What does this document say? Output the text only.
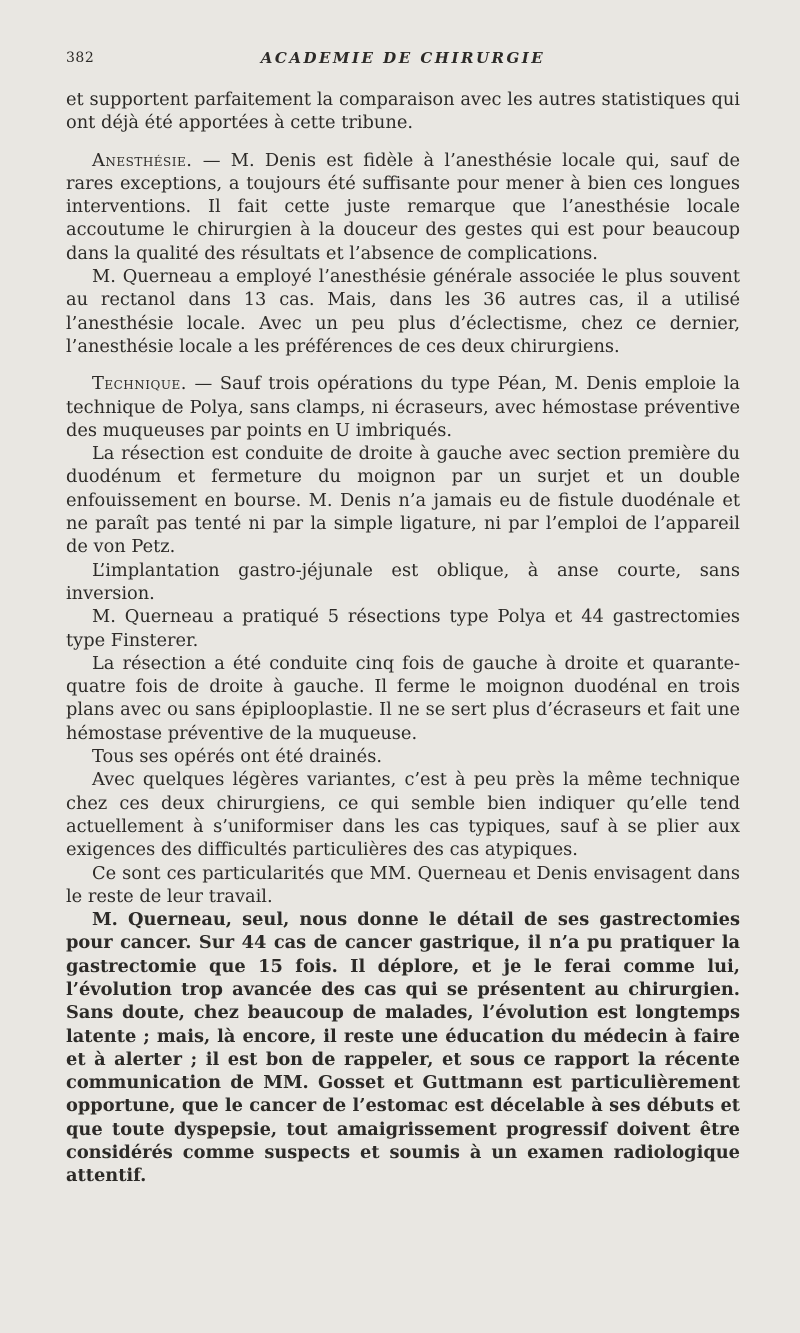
382	ACADEMIE DE CHIRURGIE

et supportent parfaitement la comparaison avec les autres statistiques qui ont déjà été apportées à cette tribune.

Anesthésie. — M. Denis est fidèle à l’anesthésie locale qui, sauf de rares exceptions, a toujours été suffisante pour mener à bien ces longues interventions. Il fait cette juste remarque que l’anesthésie locale accoutume le chirurgien à la douceur des gestes qui est pour beaucoup dans la qualité des résultats et l’absence de complications.

M. Querneau a employé l’anesthésie générale associée le plus souvent au rectanol dans 13 cas. Mais, dans les 36 autres cas, il a utilisé l’anesthésie locale. Avec un peu plus d’éclectisme, chez ce dernier, l’anesthésie locale a les préférences de ces deux chirurgiens.

Technique. — Sauf trois opérations du type Péan, M. Denis emploie la technique de Polya, sans clamps, ni écraseurs, avec hémostase préventive des muqueuses par points en U imbriqués.

La résection est conduite de droite à gauche avec section première du duodénum et fermeture du moignon par un surjet et un double enfouissement en bourse. M. Denis n’a jamais eu de fistule duodénale et ne paraît pas tenté ni par la simple ligature, ni par l’emploi de l’appareil de von Petz.

L’implantation gastro-jéjunale est oblique, à anse courte, sans inversion.

M. Querneau a pratiqué 5 résections type Polya et 44 gastrectomies type Finsterer.

La résection a été conduite cinq fois de gauche à droite et quarante-quatre fois de droite à gauche. Il ferme le moignon duodénal en trois plans avec ou sans épiplooplastie. Il ne se sert plus d’écraseurs et fait une hémostase préventive de la muqueuse.

Tous ses opérés ont été drainés.

Avec quelques légères variantes, c’est à peu près la même technique chez ces deux chirurgiens, ce qui semble bien indiquer qu’elle tend actuellement à s’uniformiser dans les cas typiques, sauf à se plier aux exigences des difficultés particulières des cas atypiques.

Ce sont ces particularités que MM. Querneau et Denis envisagent dans le reste de leur travail.

M. Querneau, seul, nous donne le détail de ses gastrectomies pour cancer. Sur 44 cas de cancer gastrique, il n’a pu pratiquer la gastrectomie que 15 fois. Il déplore, et je le ferai comme lui, l’évolution trop avancée des cas qui se présentent au chirurgien. Sans doute, chez beaucoup de malades, l’évolution est longtemps latente ; mais, là encore, il reste une éducation du médecin à faire et à alerter ; il est bon de rappeler, et sous ce rapport la récente communication de MM. Gosset et Guttmann est particulièrement opportune, que le cancer de l’estomac est décelable à ses débuts et que toute dyspepsie, tout amaigrissement progressif doivent être considérés comme suspects et soumis à un examen radiologique attentif.
